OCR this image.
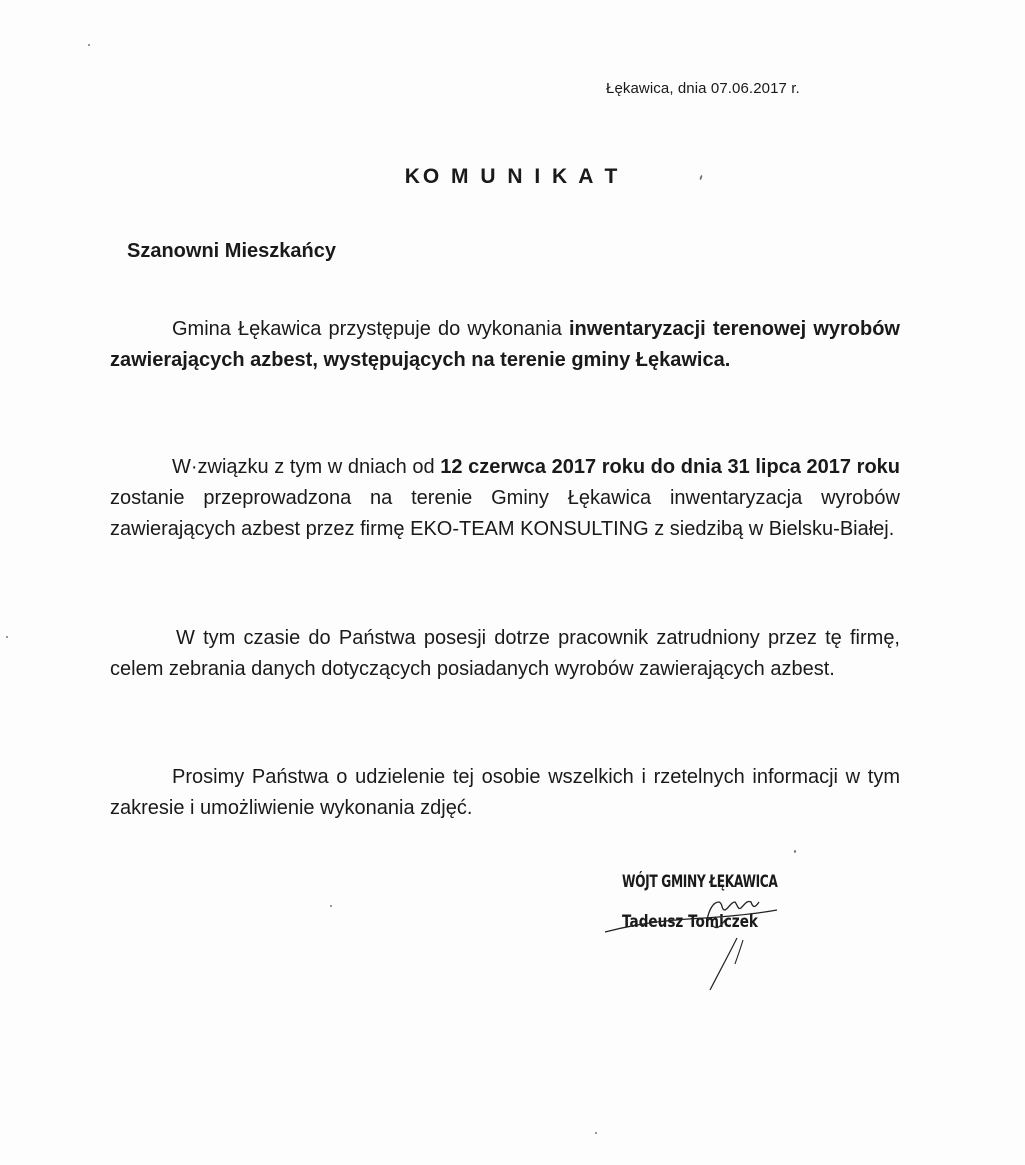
Łękawica, dnia 07.06.2017 r.
KO M U N I K A T
Szanowni Mieszkańcy
Gmina Łękawica przystępuje do wykonania inwentaryzacji terenowej wyrobów zawierających azbest, występujących na terenie gminy Łękawica.
W·związku z tym w dniach od 12 czerwca 2017 roku do dnia 31 lipca 2017 roku zostanie przeprowadzona na terenie Gminy Łękawica inwentaryzacja wyrobów zawierających azbest przez firmę EKO-TEAM KONSULTING z siedzibą w Bielsku-Białej.
W tym czasie do Państwa posesji dotrze pracownik zatrudniony przez tę firmę, celem zebrania danych dotyczących posiadanych wyrobów zawierających azbest.
Prosimy Państwa o udzielenie tej osobie wszelkich i rzetelnych informacji w tym zakresie i umożliwienie wykonania zdjęć.
WÓJT GMINY ŁĘKAWICA
Tadeusz Tomiczek
